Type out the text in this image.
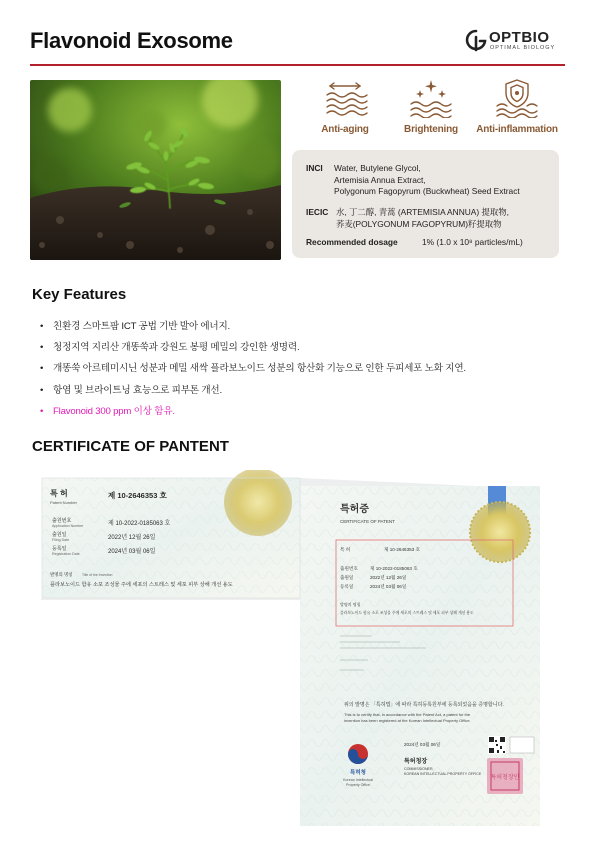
Flavonoid Exosome	OPTBIO
OPTIMAL BIOLOGY
Anti-aging	Brightening	Anti-inflammation
INCI Water, Butylene Glycol,
Artemisia Annua Extract,
Polygonum Fagopyrum (Buckwheat) Seed Extract
IECIC 水, 丁二醇, 青蒿 (ARTEMISIA ANNUA) 提取物,
荞麦(POLYGONUM FAGOPYRUM)籽提取物
Recommended dosage	1% (1.0 x 10⁸ particles/mL)
Key Features
• 친환경 스마트팜 ICT 공법 기반 발아 에너지.
• 청정지역 지리산 개똥쑥과 강원도 봉평 메밀의 강인한 생명력.
• 개똥쑥 아르테미시닌 성분과 메밀 새싹 플라보노이드 성분의 항산화 기능으로 인한 두피세포 노화 지연.
• 항염 및 브라이트닝 효능으로 피부톤 개선.
• Flavonoid 300 ppm 이상 함유.
CERTIFICATE OF PANTENT
특허증
CERTIFICATE OF PATENT
특 허	제 10-2646353 호
출원번호	제 10-2022-0185063 호
출원일	2022년 12월 26일
등록일	2024년 03월 06일
발명의 명칭
플라보노이드 함유 소포 조성물 주에 세포의 스트레스 및 세포 피부 상해 개선 용도
위의 발명은 「특허법」에 따라 특허등록원부에 등록되었음을 증명합니다.
This is to certify that, in accordance with the Patent Act, a patent for the
invention has been registered at the Korean Intellectual Property Office.
특허청
Korean Intellectual
Property Office
2024년 03월 06일
특허청장
COMMISSIONER,
KOREAN INTELLECTUAL PROPERTY OFFICE
특허청장인
특 허
Patent Number
제 10-2646353 호
출원번호
Application Number	제 10-2022-0185063 호
출원일
Filing Date	2022년 12월 26일
등록일
Registration Date	2024년 03월 06일
발명의 명칭	Title of the Invention
플라보노이드 함유 소포 조성물 주에 세포의 스트레스 및 세포 피부 상해 개선 용도
